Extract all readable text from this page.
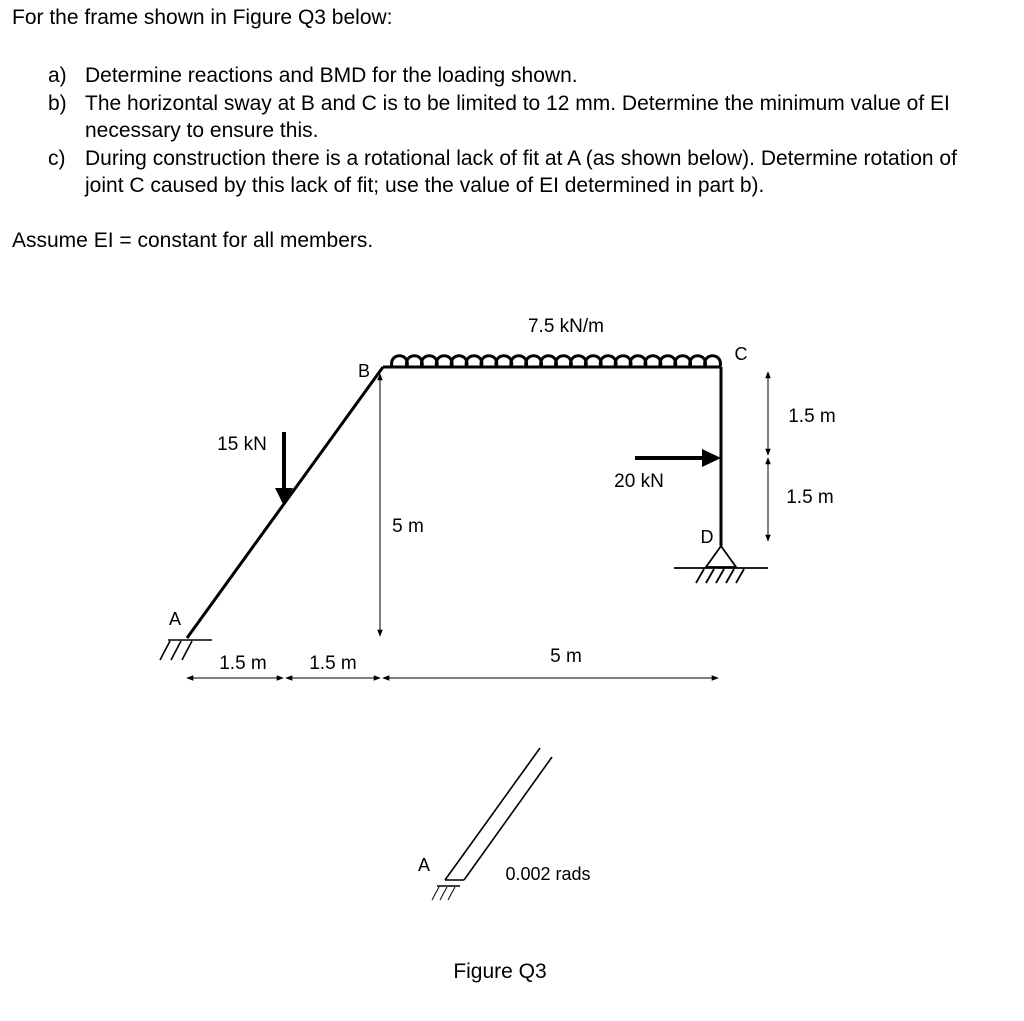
For the frame shown in Figure Q3 below:

a) Determine reactions and BMD for the loading shown.
b) The horizontal sway at B and C is to be limited to 12 mm. Determine the minimum value of EI necessary to ensure this.
c) During construction there is a rotational lack of fit at A (as shown below). Determine rotation of joint C caused by this lack of fit; use the value of EI determined in part b).

Assume EI = constant for all members.

7.5 kN/m
15 kN
20 kN
A
B
C
D
1.5 m
1.5 m
5 m
1.5 m 1.5 m	5 m
A	0.002 rads
Figure Q3
